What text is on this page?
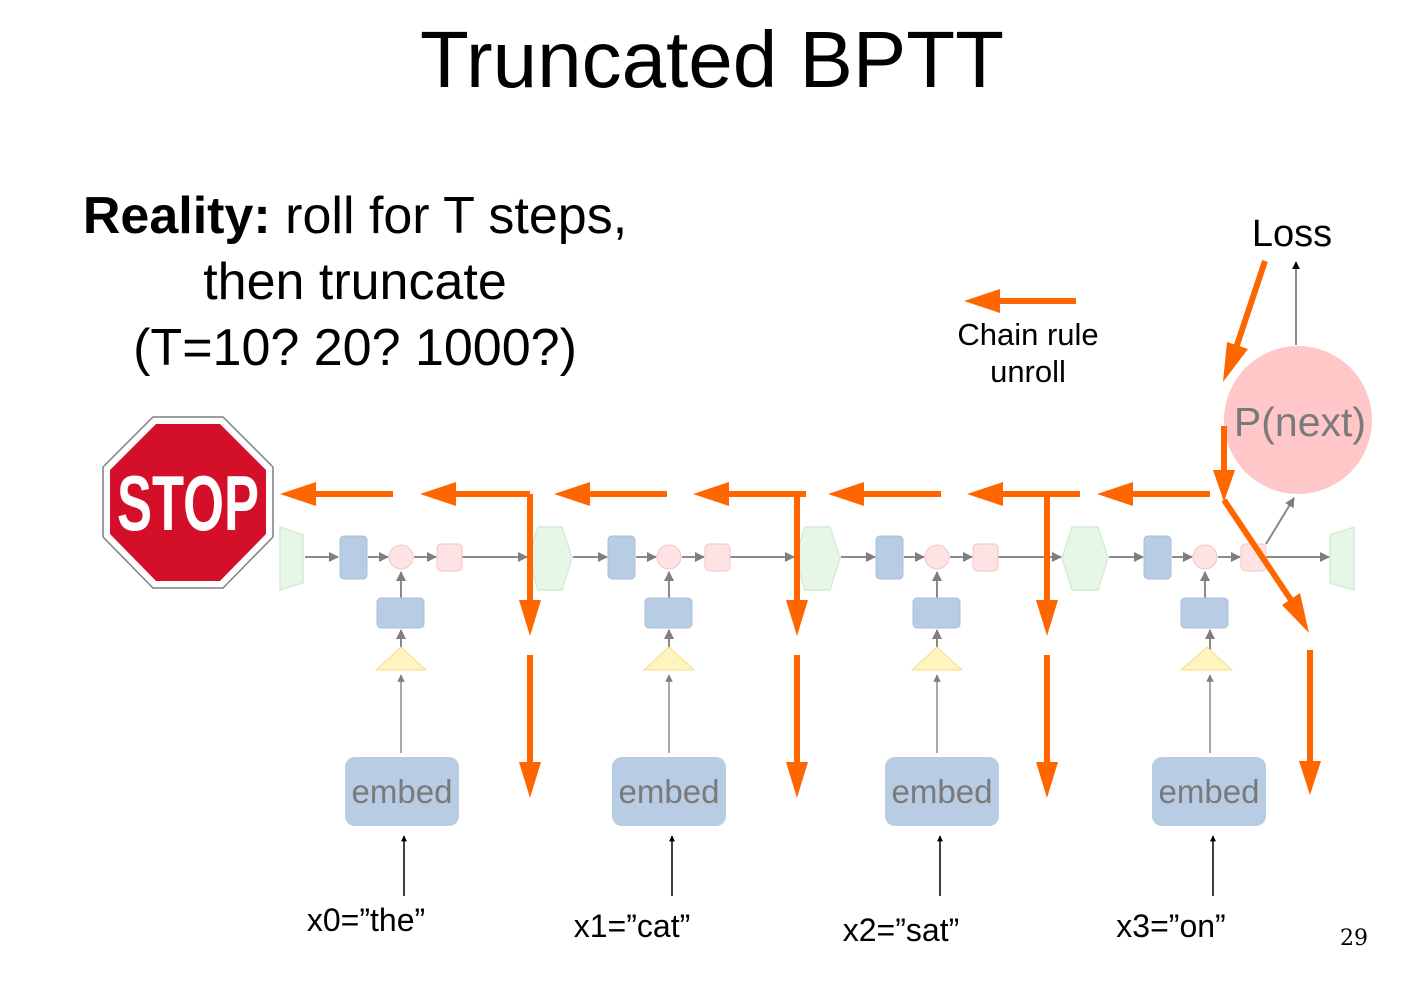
STOP
Truncated BPTT
Reality: roll for T steps,
then truncate
(T=10? 20? 1000?)	Chain rule
unroll
Loss
P(next)
embed	embed	embed	embed
x0=”the”	x1=”cat”	x2=”sat”	x3=”on”	29
